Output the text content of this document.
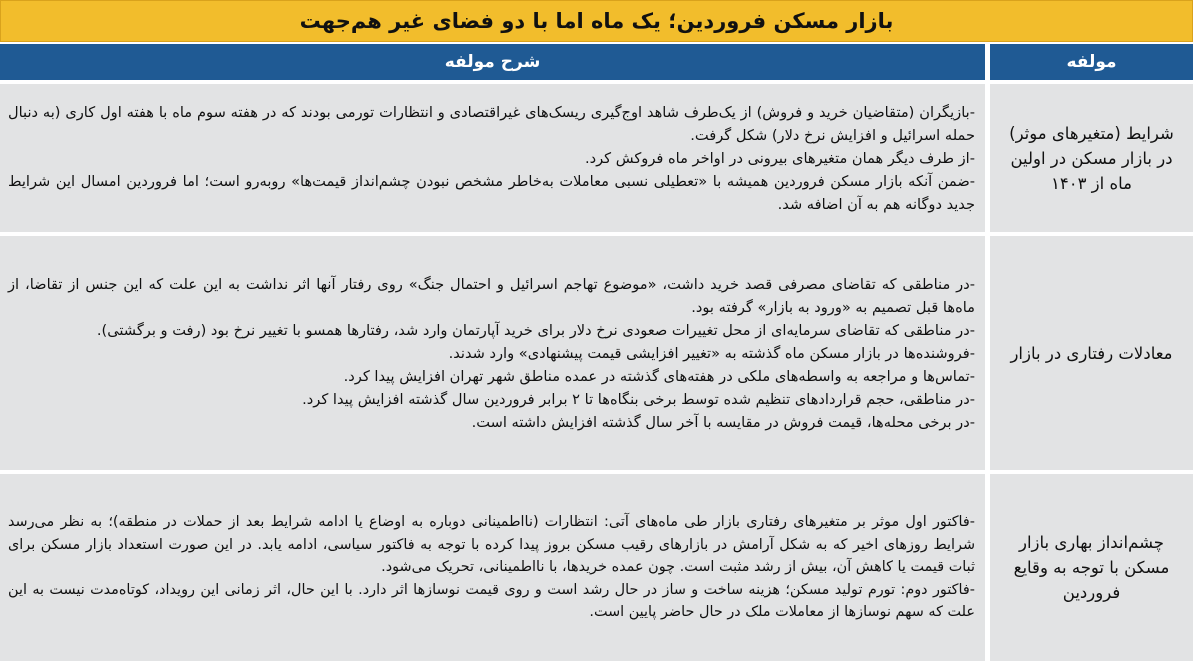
بازار مسکن فروردین؛ یک ماه اما با دو فضای غیر هم‌جهت
مولفه
شرح مولفه
شرایط (متغیرهای موثر) در بازار مسکن در اولین ماه از ۱۴۰۳
-بازیگران (متقاضیان خرید و فروش) از یک‌طرف شاهد اوج‌گیری ریسک‌های غیراقتصادی و انتظارات تورمی بودند که در هفته سوم ماه با هفته اول کاری (به دنبال حمله اسرائیل و افزایش نرخ دلار) شکل گرفت.
-از طرف دیگر همان متغیرهای بیرونی در اواخر ماه فروکش کرد.
-ضمن آنکه بازار مسکن فروردین همیشه با «تعطیلی نسبی معاملات به‌خاطر مشخص نبودن چشم‌انداز قیمت‌ها» روبه‌رو است؛ اما فروردین امسال این شرایط جدید دوگانه هم به آن اضافه شد.
معادلات رفتاری در بازار
-در مناطقی که تقاضای مصرفی قصد خرید داشت، «موضوع تهاجم اسرائیل و احتمال جنگ» روی رفتار آنها اثر نداشت به این علت که این جنس از تقاضا، از ماه‌ها قبل تصمیم به «ورود به بازار» گرفته بود.
-در مناطقی که تقاضای سرمایه‌ای از محل تغییرات صعودی نرخ دلار برای خرید آپارتمان وارد شد، رفتارها همسو با تغییر نرخ بود (رفت و برگشتی).
-فروشنده‌ها در بازار مسکن ماه گذشته به «تغییر افزایشی قیمت پیشنهادی» وارد شدند.
-تماس‌ها و مراجعه به واسطه‌های ملکی در هفته‌های گذشته در عمده مناطق شهر تهران افزایش پیدا کرد.
-در مناطقی، حجم قراردادهای تنظیم شده توسط برخی بنگاه‌ها تا ۲ برابر فروردین سال گذشته افزایش پیدا کرد.
-در برخی محله‌ها، قیمت فروش در مقایسه با آخر سال گذشته افزایش داشته است.
چشم‌انداز بهاری بازار مسکن با توجه به وقایع فروردین
-فاکتور اول موثر بر متغیرهای رفتاری بازار طی ماه‌های آتی: انتظارات (نااطمینانی دوباره به اوضاع یا ادامه شرایط بعد از حملات در منطقه)؛ به نظر می‌رسد شرایط روزهای اخیر که به شکل آرامش در بازارهای رقیب مسکن بروز پیدا کرده با توجه به فاکتور سیاسی، ادامه یابد. در این صورت استعداد بازار مسکن برای ثبات قیمت یا کاهش آن، بیش از رشد مثبت است. چون عمده خریدها، با نااطمینانی، تحریک می‌شود.
-فاکتور دوم: تورم تولید مسکن؛ هزینه ساخت و ساز در حال رشد است و روی قیمت نوسازها اثر دارد. با این حال، اثر زمانی این رویداد، کوتاه‌مدت نیست به این علت که سهم نوسازها از معاملات ملک در حال حاضر پایین است.
